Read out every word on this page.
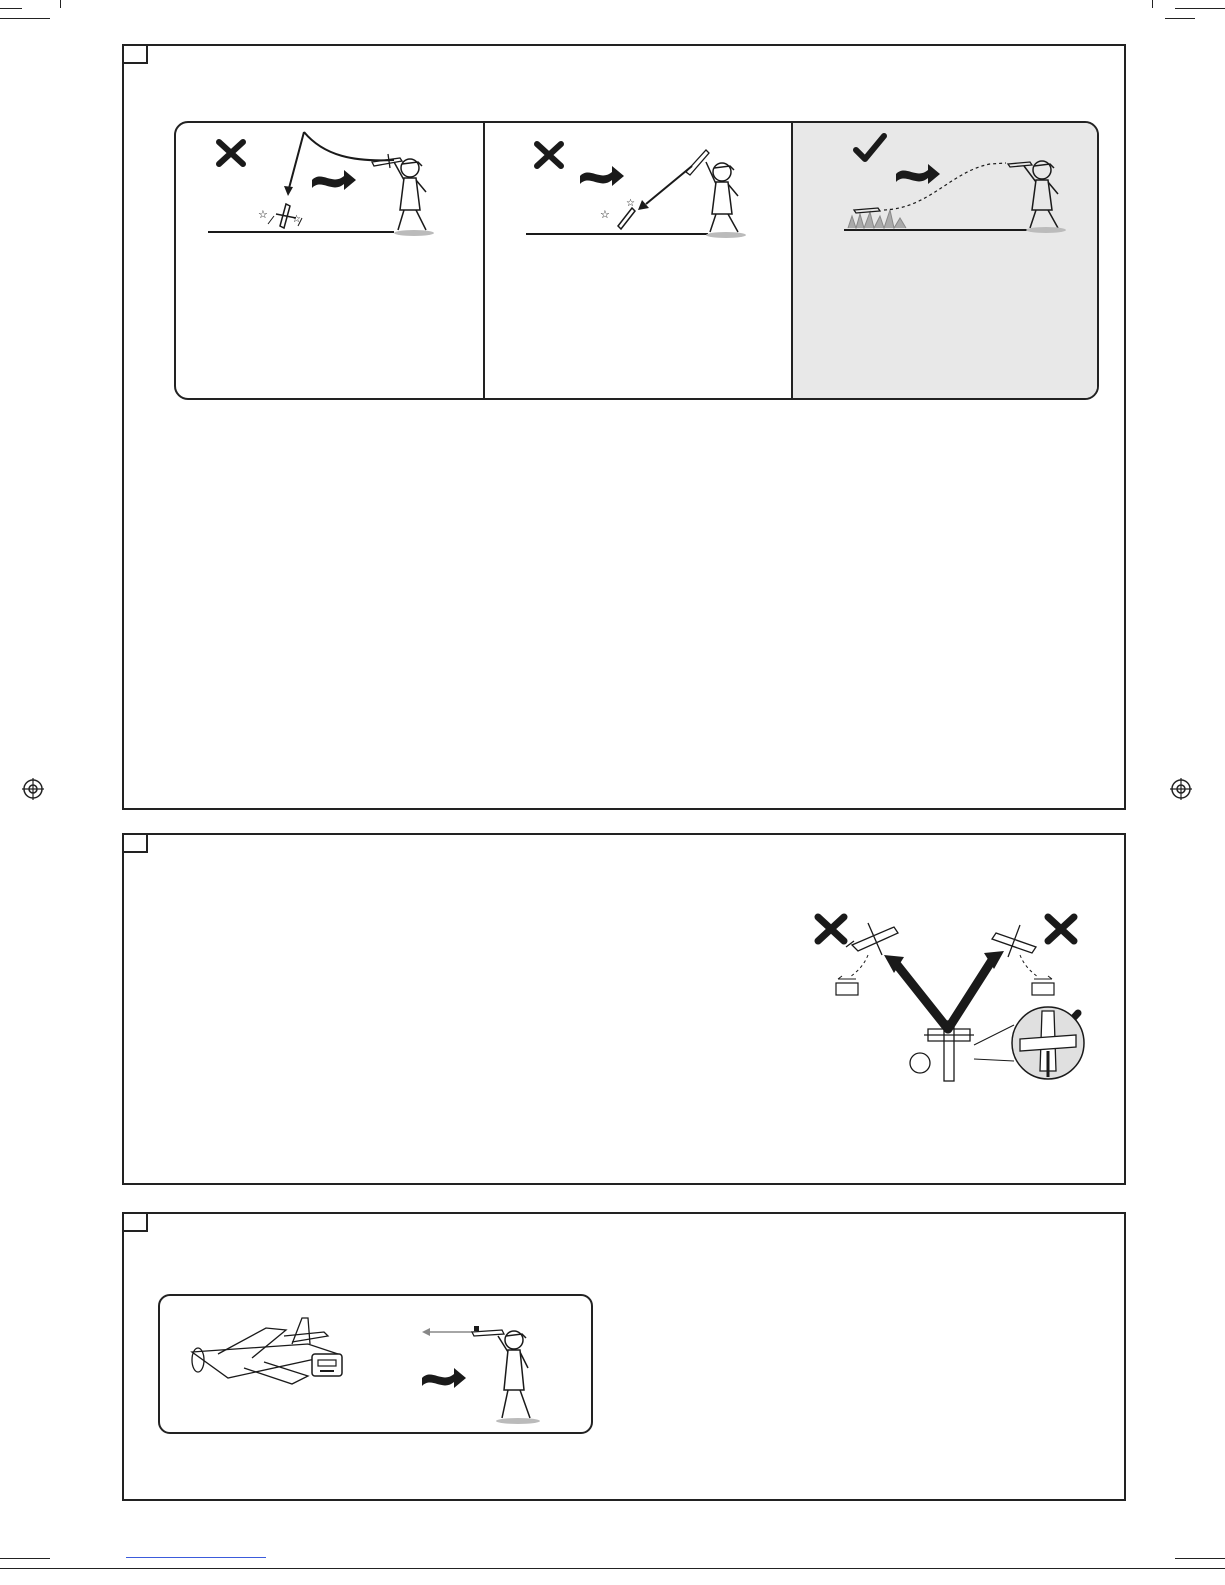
☆ ☆	☆
☆
